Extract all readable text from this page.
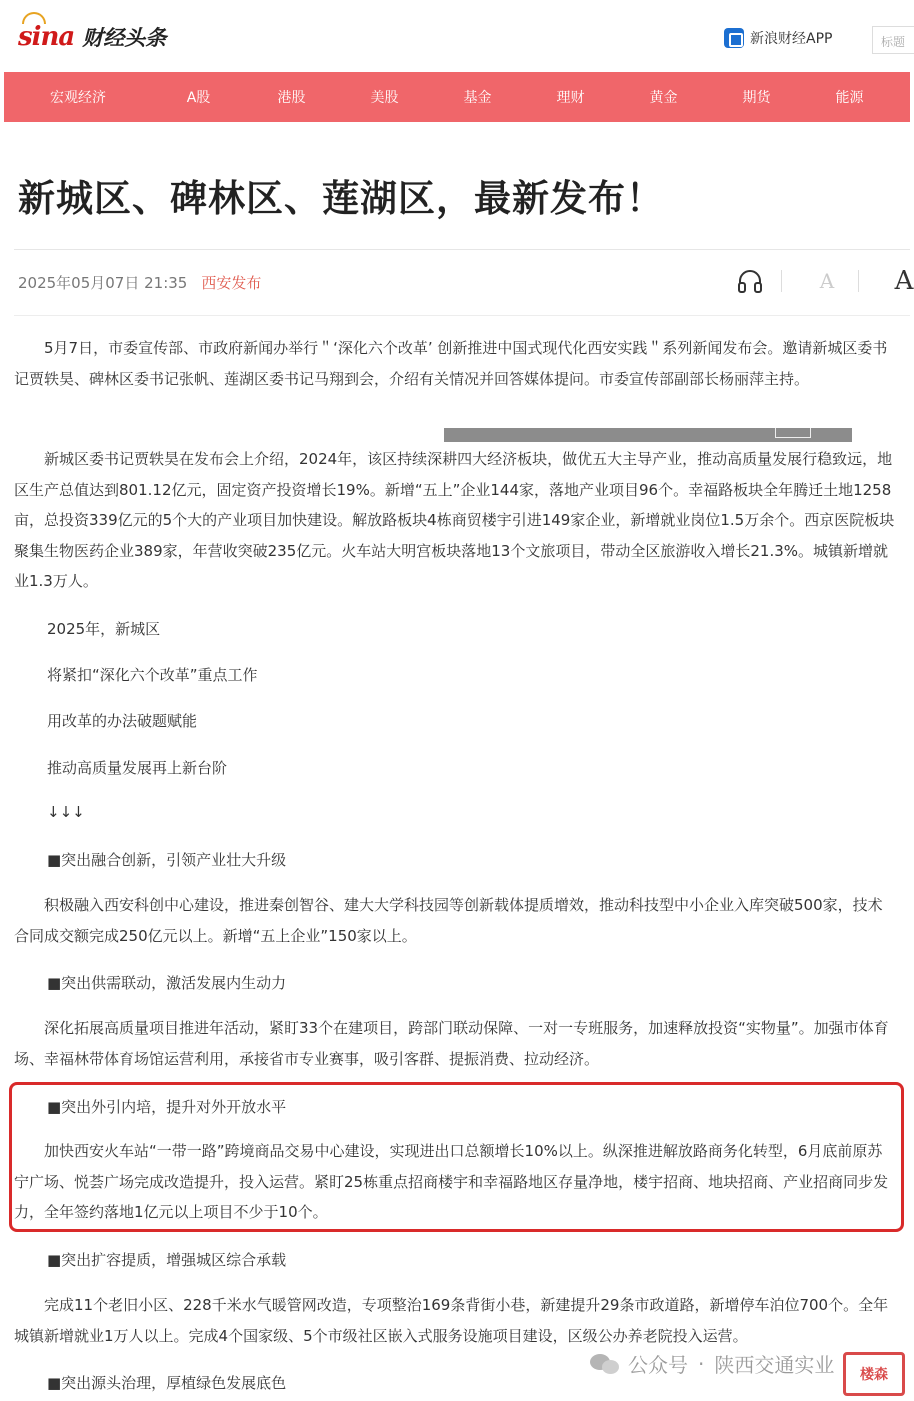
sina 财经头条	新浪财经APP	标题
宏观经济	A股	港股	美股	基金	理财	黄金	期货	能源
新城区、碑林区、莲湖区，最新发布！
2025年05月07日 21:35 西安发布	A	A

5月7日，市委宣传部、市政府新闻办举行＂‘深化六个改革’ 创新推进中国式现代化西安实践＂系列新闻发布会。邀请新城区委书记贾轶昊、碑林区委书记张帆、莲湖区委书记马翔到会，介绍有关情况并回答媒体提问。市委宣传部副部长杨丽萍主持。

新城区委书记贾轶昊在发布会上介绍，2024年，该区持续深耕四大经济板块，做优五大主导产业，推动高质量发展行稳致远，地区生产总值达到801.12亿元，固定资产投资增长19%。新增“五上”企业144家，落地产业项目96个。幸福路板块全年腾迁土地1258亩，总投资339亿元的5个大的产业项目加快建设。解放路板块4栋商贸楼宇引进149家企业，新增就业岗位1.5万余个。西京医院板块聚集生物医药企业389家，年营收突破235亿元。火车站大明宫板块落地13个文旅项目，带动全区旅游收入增长21.3%。城镇新增就业1.3万人。

2025年，新城区
将紧扣“深化六个改革”重点工作
用改革的办法破题赋能
推动高质量发展再上新台阶
↓↓↓
■突出融合创新，引领产业壮大升级

积极融入西安科创中心建设，推进秦创智谷、建大大学科技园等创新载体提质增效，推动科技型中小企业入库突破500家，技术合同成交额完成250亿元以上。新增“五上企业”150家以上。

■突出供需联动，激活发展内生动力

深化拓展高质量项目推进年活动，紧盯33个在建项目，跨部门联动保障、一对一专班服务，加速释放投资“实物量”。加强市体育场、幸福林带体育场馆运营利用，承接省市专业赛事，吸引客群、提振消费、拉动经济。

■突出外引内培，提升对外开放水平

加快西安火车站“一带一路”跨境商品交易中心建设，实现进出口总额增长10%以上。纵深推进解放路商务化转型，6月底前原苏宁广场、悦荟广场完成改造提升，投入运营。紧盯25栋重点招商楼宇和幸福路地区存量净地，楼宇招商、地块招商、产业招商同步发力，全年签约落地1亿元以上项目不少于10个。

■突出扩容提质，增强城区综合承载

完成11个老旧小区、228千米水气暖管网改造，专项整治169条背街小巷，新建提升29条市政道路，新增停车泊位700个。全年城镇新增就业1万人以上。完成4个国家级、5个市级社区嵌入式服务设施项目建设，区级公办养老院投入运营。

■突出源头治理，厚植绿色发展底色
公众号 · 陕西交通实业	楼森
